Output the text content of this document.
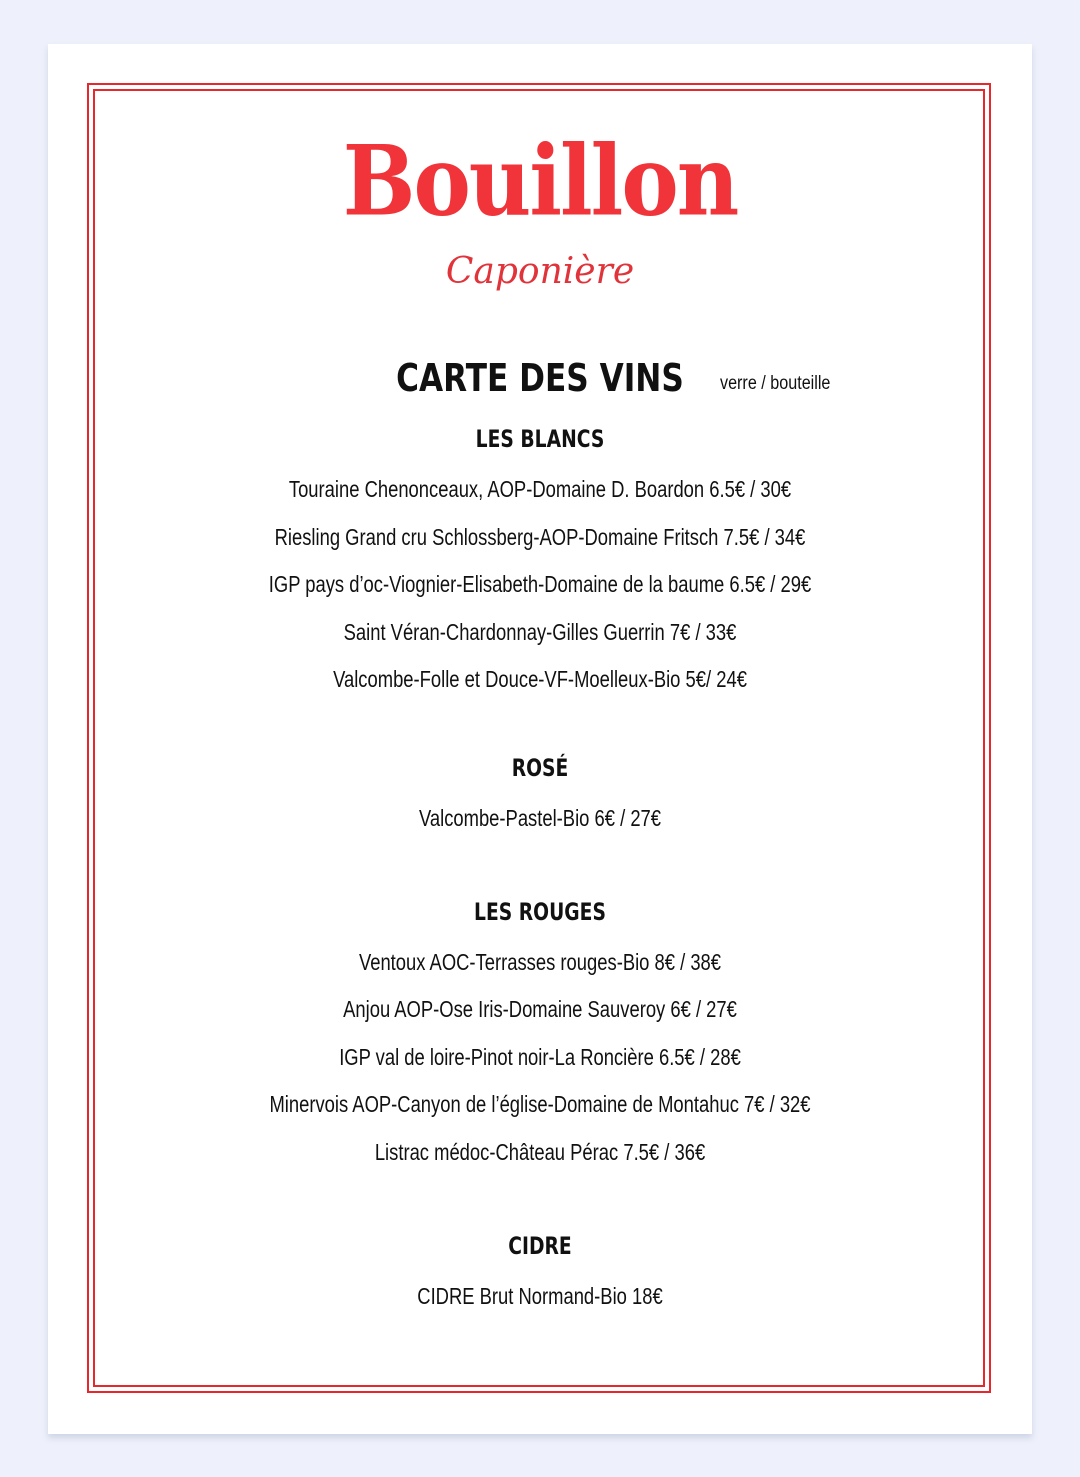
Bouillon
Caponière
CARTE DES VINS	verre / bouteille
LES BLANCS
Touraine Chenonceaux, AOP-Domaine D. Boardon 6.5€ / 30€
Riesling Grand cru Schlossberg-AOP-Domaine Fritsch 7.5€ / 34€
IGP pays d’oc-Viognier-Elisabeth-Domaine de la baume 6.5€ / 29€
Saint Véran-Chardonnay-Gilles Guerrin 7€ / 33€
Valcombe-Folle et Douce-VF-Moelleux-Bio 5€/ 24€
ROSÉ
Valcombe-Pastel-Bio 6€ / 27€
LES ROUGES
Ventoux AOC-Terrasses rouges-Bio 8€ / 38€
Anjou AOP-Ose Iris-Domaine Sauveroy 6€ / 27€
IGP val de loire-Pinot noir-La Roncière 6.5€ / 28€
Minervois AOP-Canyon de l’église-Domaine de Montahuc 7€ / 32€
Listrac médoc-Château Pérac 7.5€ / 36€
CIDRE
CIDRE Brut Normand-Bio 18€
